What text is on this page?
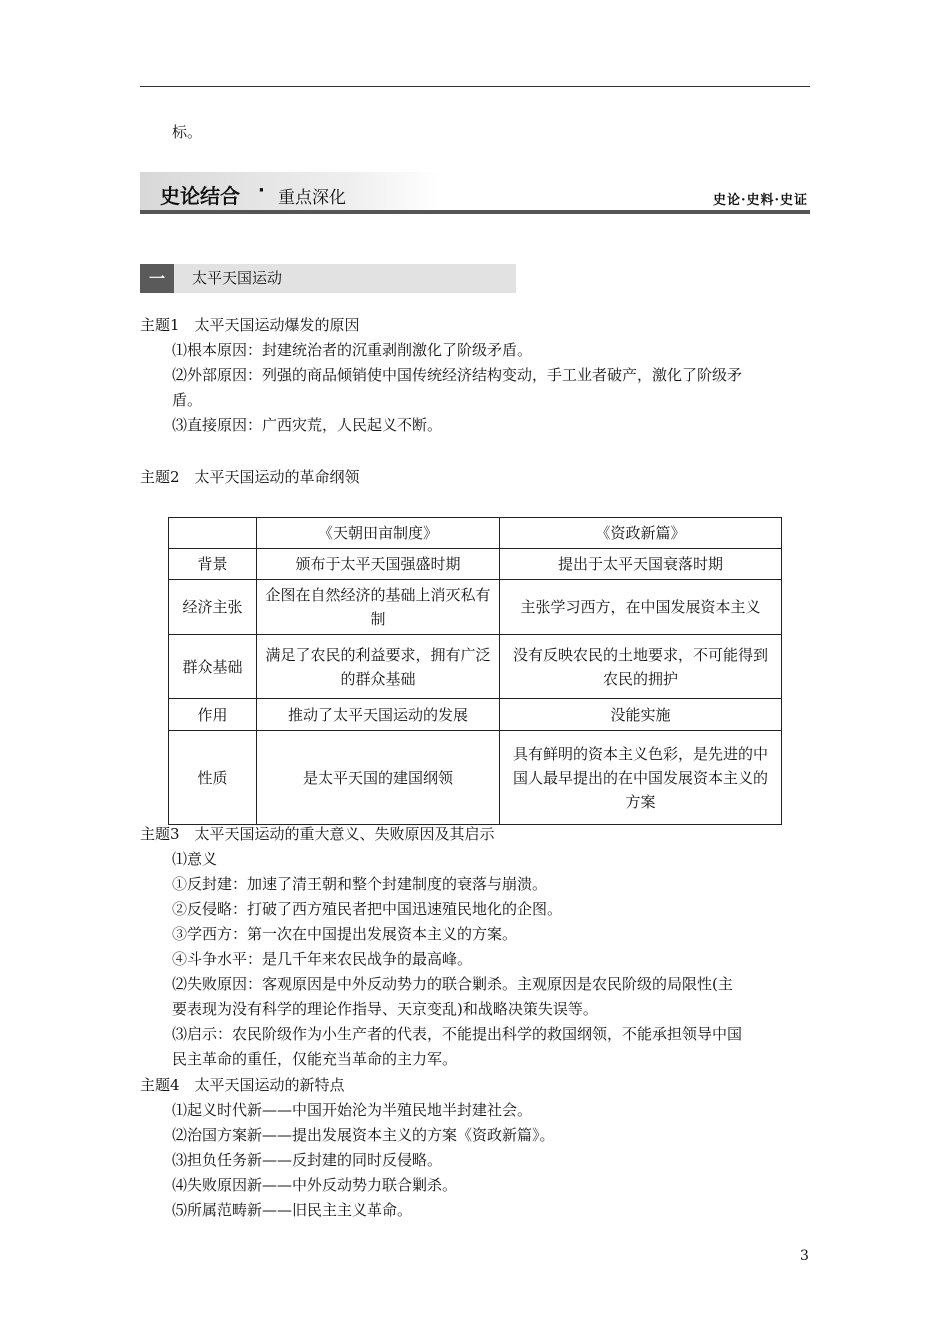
标。
史论结合 · 重点深化	史论·史料·史证
一	太平天国运动
主题1　太平天国运动爆发的原因
⑴根本原因：封建统治者的沉重剥削激化了阶级矛盾。
⑵外部原因：列强的商品倾销使中国传统经济结构变动，手工业者破产，激化了阶级矛
盾。
⑶直接原因：广西灾荒，人民起义不断。
主题2　太平天国运动的革命纲领
	《天朝田亩制度》	《资政新篇》
背景	颁布于太平天国强盛时期	提出于太平天国衰落时期
经济主张	企图在自然经济的基础上消灭私有制	主张学习西方，在中国发展资本主义
群众基础	满足了农民的利益要求，拥有广泛的群众基础	没有反映农民的土地要求，不可能得到农民的拥护
作用	推动了太平天国运动的发展	没能实施
性质	是太平天国的建国纲领	具有鲜明的资本主义色彩，是先进的中国人最早提出的在中国发展资本主义的方案
主题3　太平天国运动的重大意义、失败原因及其启示
⑴意义
①反封建：加速了清王朝和整个封建制度的衰落与崩溃。
②反侵略：打破了西方殖民者把中国迅速殖民地化的企图。
③学西方：第一次在中国提出发展资本主义的方案。
④斗争水平：是几千年来农民战争的最高峰。
⑵失败原因：客观原因是中外反动势力的联合剿杀。主观原因是农民阶级的局限性(主
要表现为没有科学的理论作指导、天京变乱)和战略决策失误等。
⑶启示：农民阶级作为小生产者的代表，不能提出科学的救国纲领，不能承担领导中国
民主革命的重任，仅能充当革命的主力军。
主题4　太平天国运动的新特点
⑴起义时代新——中国开始沦为半殖民地半封建社会。
⑵治国方案新——提出发展资本主义的方案《资政新篇》。
⑶担负任务新——反封建的同时反侵略。
⑷失败原因新——中外反动势力联合剿杀。
⑸所属范畴新——旧民主主义革命。
3
